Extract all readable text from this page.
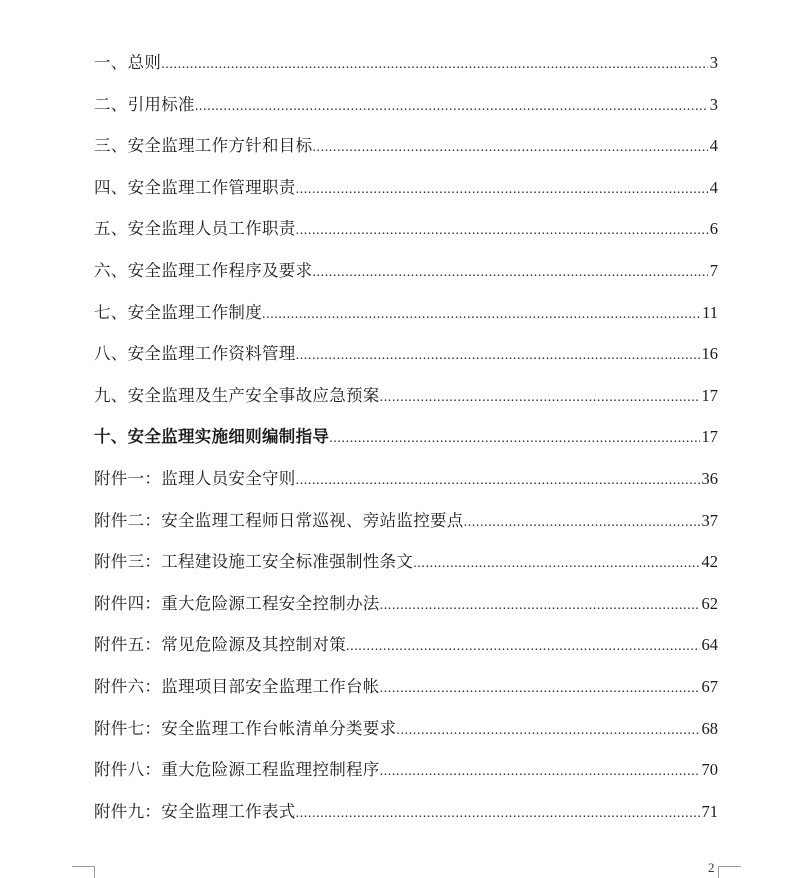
一、总则 .....	3
二、引用标准 .....	3
三、安全监理工作方针和目标 .....	4
四、安全监理工作管理职责 .....	4
五、安全监理人员工作职责 .....	6
六、安全监理工作程序及要求 .....	7
七、安全监理工作制度 .....	11
八、安全监理工作资料管理 .....	16
九、安全监理及生产安全事故应急预案 .....	17
十、安全监理实施细则编制指导 .....	17
附件一：监理人员安全守则 .....	36
附件二：安全监理工程师日常巡视、旁站监控要点 .....	37
附件三：工程建设施工安全标准强制性条文 .....	42
附件四：重大危险源工程安全控制办法 .....	62
附件五：常见危险源及其控制对策 .....	64
附件六：监理项目部安全监理工作台帐 .....	67
附件七：安全监理工作台帐清单分类要求 .....	68
附件八：重大危险源工程监理控制程序 .....	70
附件九：安全监理工作表式 .....	71
2
